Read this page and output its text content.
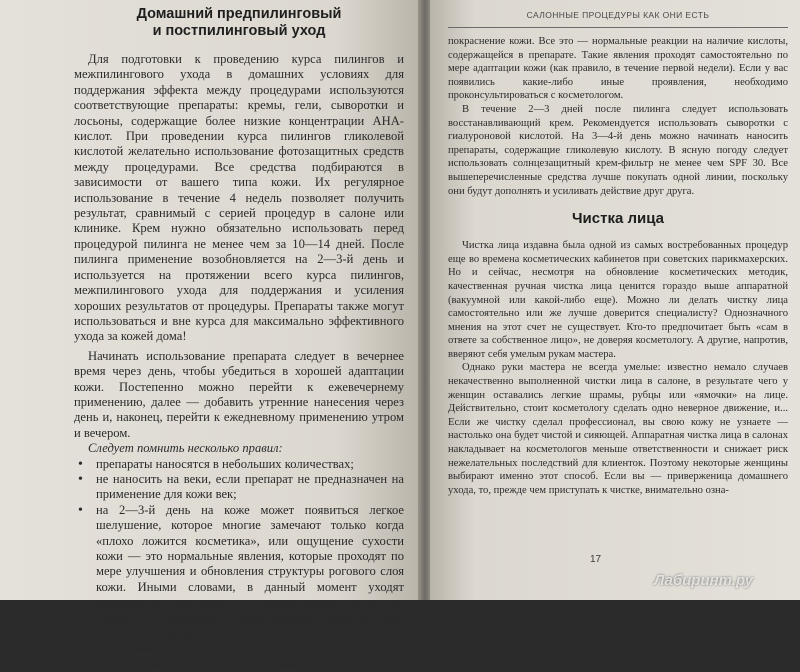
Домашний предпилинговый
и постпилинговый уход

Для подготовки к проведению курса пилингов и межпилингового ухода в домашних условиях для поддержания эффекта между процедурами используются соответствующие препараты: кремы, гели, сыворотки и лосьоны, содержащие более низкие концентрации АНА-кислот. При проведении курса пилингов гликолевой кислотой желательно использование фотозащитных средств между процедурами. Все средства подбираются в зависимости от вашего типа кожи. Их регулярное использование в течение 4 недель позволяет получить результат, сравнимый с серией процедур в салоне или клинике. Крем нужно обязательно использовать перед процедурой пилинга не менее чем за 10—14 дней. После пилинга применение возобновляется на 2—3-й день и используется на протяжении всего курса пилингов, межпилингового ухода для поддержания и усиления хороших результатов от процедуры. Препараты также могут использоваться и вне курса для максимально эффективного ухода за кожей дома!

Начинать использование препарата следует в вечернее время через день, чтобы убедиться в хорошей адаптации кожи. Постепенно можно перейти к ежевечернему применению, далее — добавить утренние нанесения через день и, наконец, перейти к ежедневному применению утром и вечером.

Следует помнить несколько правил:

• препараты наносятся в небольших количествах;
• не наносить на веки, если препарат не предназначен на применение для кожи век;
• на 2—3-й день на коже может появиться легкое шелушение, которое многие замечают только когда «плохо ложится косметика», или ощущение сухости кожи — это нормальные явления, которые проходят по мере улучшения и обновления структуры рогового слоя кожи. Иными словами, в данный момент уходят омертвевшие «излишки», и препятствовать этому не следует. Используйте увлажняющие средства для улучшения ощущений;
• при применении препарата (особенно на начальном этапе) вы можете ощущать пощипывание или легкое
САЛОННЫЕ ПРОЦЕДУРЫ КАК ОНИ ЕСТЬ

покраснение кожи. Все это — нормальные реакции на наличие кислоты, содержащейся в препарате. Такие явления проходят самостоятельно по мере адаптации кожи (как правило, в течение первой недели). Если у вас появились какие-либо иные проявления, необходимо проконсультироваться с косметологом.

В течение 2—3 дней после пилинга следует использовать восстанавливающий крем. Рекомендуется использовать сыворотки с гиалуроновой кислотой. На 3—4-й день можно начинать наносить препараты, содержащие гликолевую кислоту. В ясную погоду следует использовать солнцезащитный крем-фильтр не менее чем SPF 30. Все вышеперечисленные средства лучше покупать одной линии, поскольку они будут дополнять и усиливать действие друг друга.

Чистка лица

Чистка лица издавна была одной из самых востребованных процедур еще во времена косметических кабинетов при советских парикмахерских. Но и сейчас, несмотря на обновление косметических методик, качественная ручная чистка лица ценится гораздо выше аппаратной (вакуумной или какой-либо еще). Можно ли делать чистку лица самостоятельно или же лучше доверится специалисту? Однозначного мнения на этот счет не существует. Кто-то предпочитает быть «сам в ответе за собственное лицо», не доверяя косметологу. А другие, напротив, вверяют себя умелым рукам мастера.

Однако руки мастера не всегда умелые: известно немало случаев некачественно выполненной чистки лица в салоне, в результате чего у женщин оставались легкие шрамы, рубцы или «ямочки» на лице. Действительно, стоит косметологу сделать одно неверное движение, и... Если же чистку сделал профессионал, вы свою кожу не узнаете — настолько она будет чистой и сияющей. Аппаратная чистка лица в салонах накладывает на косметологов меньше ответственности и снижает риск нежелательных последствий для клиенток. Поэтому некоторые женщины выбирают именно этот способ. Если вы — приверженица домашнего ухода, то, прежде чем приступать к чистке, внимательно озна-

17
Лабиринт.ру
